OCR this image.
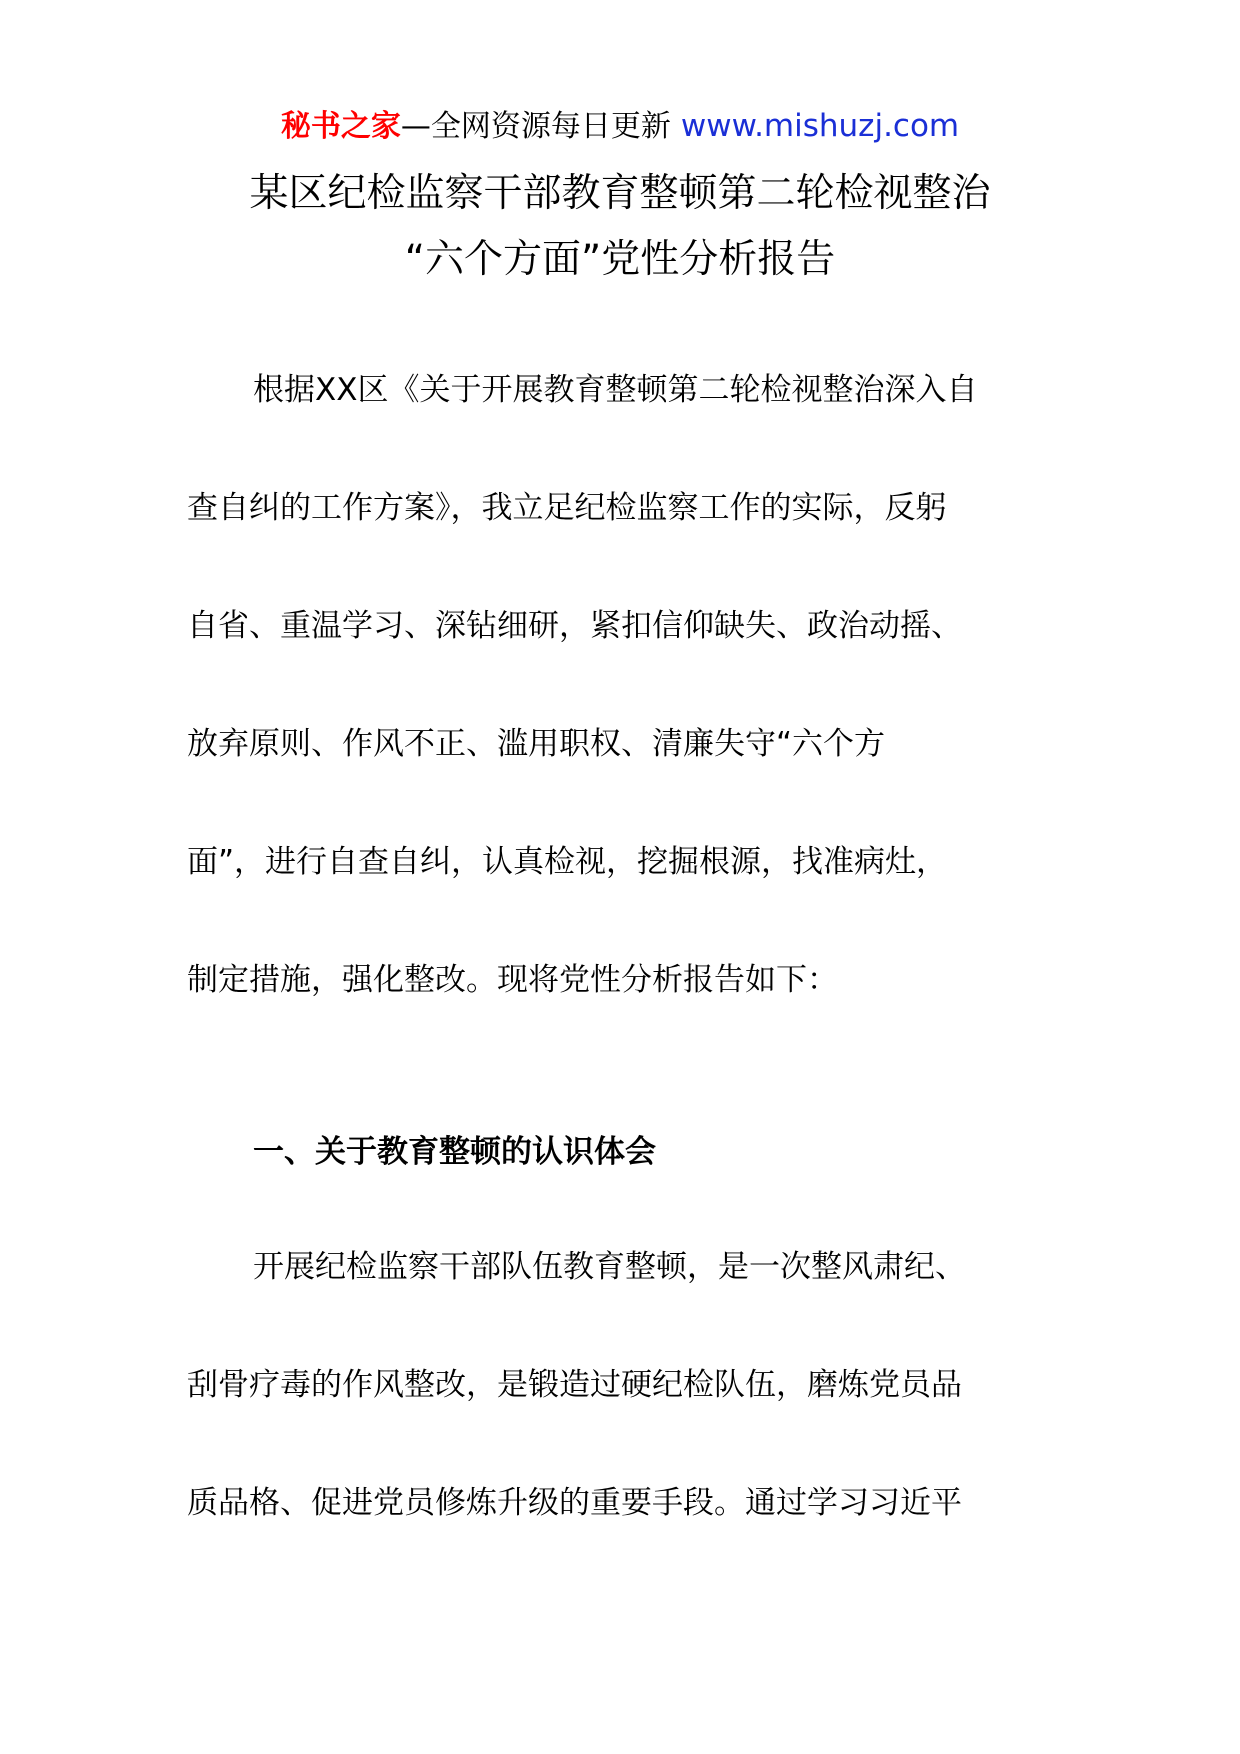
秘书之家—全网资源每日更新 www.mishuzj.com
某区纪检监察干部教育整顿第二轮检视整治
“六个方面”党性分析报告
根据XX区《关于开展教育整顿第二轮检视整治深入自
查自纠的工作方案》，我立足纪检监察工作的实际，反躬
自省、重温学习、深钻细研，紧扣信仰缺失、政治动摇、
放弃原则、作风不正、滥用职权、清廉失守“六个方
面”，进行自查自纠，认真检视，挖掘根源，找准病灶，
制定措施，强化整改。现将党性分析报告如下：
一、关于教育整顿的认识体会
开展纪检监察干部队伍教育整顿，是一次整风肃纪、
刮骨疗毒的作风整改，是锻造过硬纪检队伍，磨炼党员品
质品格、促进党员修炼升级的重要手段。通过学习习近平
